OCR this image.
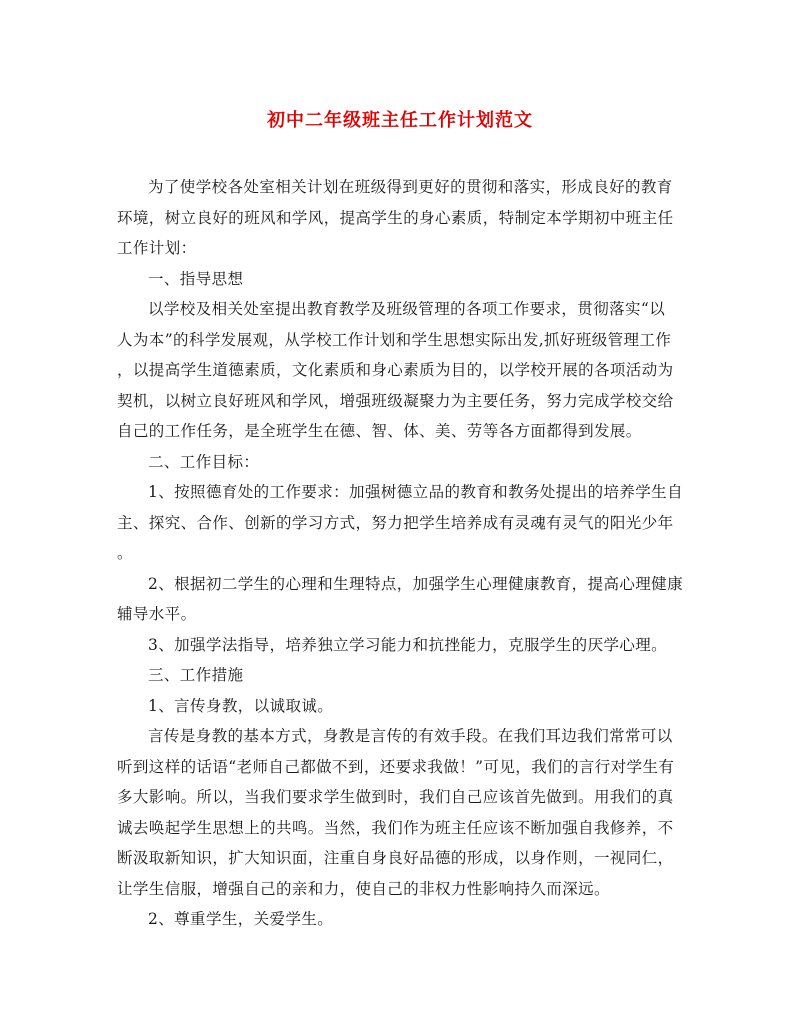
初中二年级班主任工作计划范文
为了使学校各处室相关计划在班级得到更好的贯彻和落实，形成良好的教育
环境，树立良好的班风和学风，提高学生的身心素质，特制定本学期初中班主任
工作计划：
一、指导思想
以学校及相关处室提出教育教学及班级管理的各项工作要求，贯彻落实“以
人为本”的科学发展观，从学校工作计划和学生思想实际出发,抓好班级管理工作
，以提高学生道德素质，文化素质和身心素质为目的，以学校开展的各项活动为
契机，以树立良好班风和学风，增强班级凝聚力为主要任务，努力完成学校交给
自己的工作任务，是全班学生在德、智、体、美、劳等各方面都得到发展。
二、工作目标：
1、按照德育处的工作要求：加强树德立品的教育和教务处提出的培养学生自
主、探究、合作、创新的学习方式，努力把学生培养成有灵魂有灵气的阳光少年
。
2、根据初二学生的心理和生理特点，加强学生心理健康教育，提高心理健康
辅导水平。
3、加强学法指导，培养独立学习能力和抗挫能力，克服学生的厌学心理。
三、工作措施
1、言传身教，以诚取诚。
言传是身教的基本方式，身教是言传的有效手段。在我们耳边我们常常可以
听到这样的话语“老师自己都做不到，还要求我做！”可见，我们的言行对学生有
多大影响。所以，当我们要求学生做到时，我们自己应该首先做到。用我们的真
诚去唤起学生思想上的共鸣。当然，我们作为班主任应该不断加强自我修养，不
断汲取新知识，扩大知识面，注重自身良好品德的形成，以身作则，一视同仁，
让学生信服，增强自己的亲和力，使自己的非权力性影响持久而深远。
2、尊重学生，关爱学生。
